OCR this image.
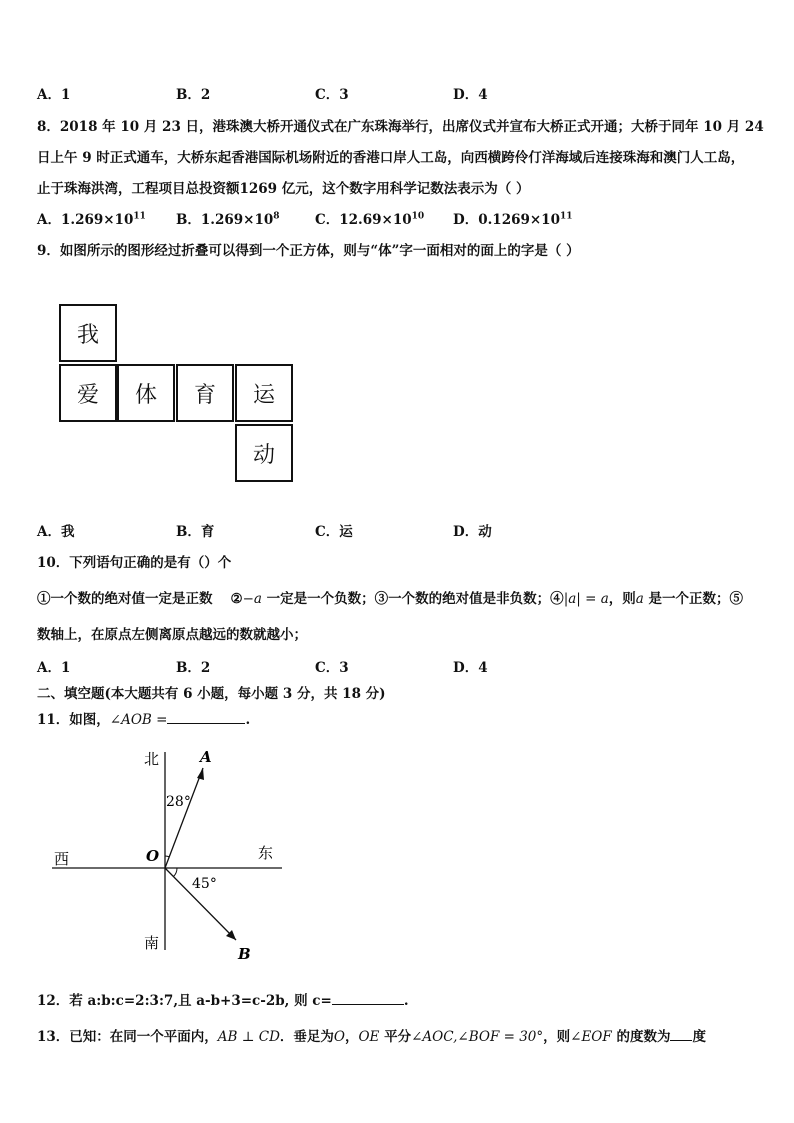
A．1	B．2	C．3	D．4
8．2018 年 10 月 23 日，港珠澳大桥开通仪式在广东珠海举行，出席仪式并宣布大桥正式开通；大桥于同年 10 月 24
日上午 9 时正式通车，大桥东起香港国际机场附近的香港口岸人工岛，向西横跨伶仃洋海域后连接珠海和澳门人工岛，
止于珠海洪湾，工程项目总投资额1269 亿元，这个数字用科学记数法表示为（ ）
A．$1.269\times 10^{11}$ B．$1.269\times 10^8$	C．$12.69\times 10^{10}$ D．$0.1269\times 10^{11}$
9．如图所示的图形经过折叠可以得到一个正方体，则与“体”字一面相对的面上的字是（ ）
我
爱	体	育	运
动
A．我	B．育	C．运	D．动
10．下列语句正确的是有（）个
①一个数的绝对值一定是正数 ②−a 一定是一个负数；③一个数的绝对值是非负数；④|a| = a，则a 是一个正数；⑤
数轴上，在原点左侧离原点越远的数就越小；
A．1	B．2	C．3	D．4
二、填空题(本大题共有 6 小题，每小题 3 分，共 18 分)
11．如图，∠AOB =	.
北
南
西	东
O
A
B
28°
45°
12．若 a:b:c=2:3:7,且 a-b+3=c-2b, 则 c=	.
13．已知：在同一个平面内，AB ⊥ CD．垂足为O，OE 平分∠AOC,∠BOF = 30°，则∠EOF 的度数为 度
